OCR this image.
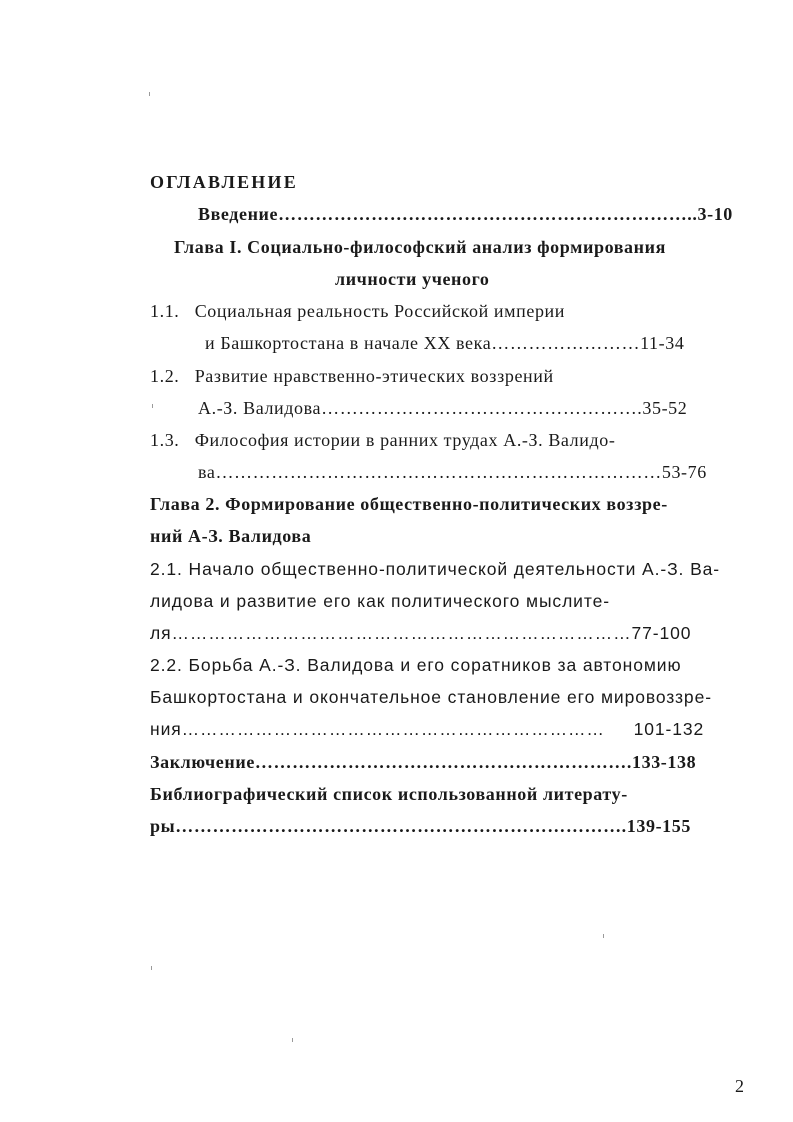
ОГЛАВЛЕНИЕ
Введение…………………………………………………………..3-10
Глава I. Социально-философский анализ формирования
личности ученого
1.1.   Социальная реальность Российской империи
и Башкортостана в начале XX века……………………11-34
1.2.   Развитие нравственно-этических воззрений
А.-З. Валидова…………………………………………….35-52
1.3.   Философия истории в ранних трудах А.-З. Валидо-
ва………………………………………………………………53-76
Глава 2. Формирование общественно-политических воззре-
ний А-З. Валидова
2.1. Начало общественно-политической деятельности А.-З. Ва-
лидова и развитие его как политического мыслите-
ля…………………………………………………………………77-100
2.2. Борьба А.-З. Валидова и его соратников за автономию
Башкортостана и окончательное становление его мировоззре-
ния……………………………………………………………     101-132
Заключение…………………………………………………….133-138
Библиографический список использованной литерату-
ры……………………………………………………………….139-155
2
